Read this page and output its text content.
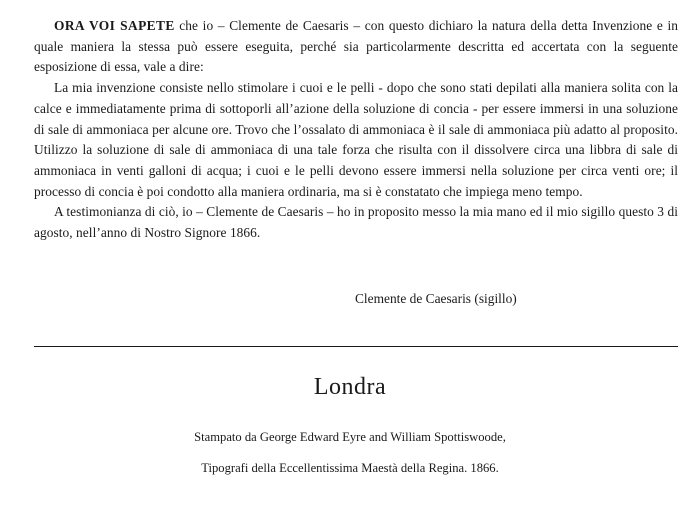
ORA VOI SAPETE che io – Clemente de Caesaris – con questo dichiaro la natura della detta Invenzione e in quale maniera la stessa può essere eseguita, perché sia particolarmente descritta ed accertata con la seguente esposizione di essa, vale a dire:

La mia invenzione consiste nello stimolare i cuoi e le pelli - dopo che sono stati depilati alla maniera solita con la calce e immediatamente prima di sottoporli all’azione della soluzione di concia - per essere immersi in una soluzione di sale di ammoniaca per alcune ore. Trovo che l’ossalato di ammoniaca è il sale di ammoniaca più adatto al proposito. Utilizzo la soluzione di sale di ammoniaca di una tale forza che risulta con il dissolvere circa una libbra di sale di ammoniaca in venti galloni di acqua; i cuoi e le pelli devono essere immersi nella soluzione per circa venti ore; il processo di concia è poi condotto alla maniera ordinaria, ma si è constatato che impiega meno tempo.

A testimonianza di ciò, io – Clemente de Caesaris – ho in proposito messo la mia mano ed il mio sigillo questo 3 di agosto, nell’anno di Nostro Signore 1866.

Clemente de Caesaris (sigillo)
Londra
Stampato da George Edward Eyre and William Spottiswoode,
Tipografi della Eccellentissima Maestà della Regina. 1866.
